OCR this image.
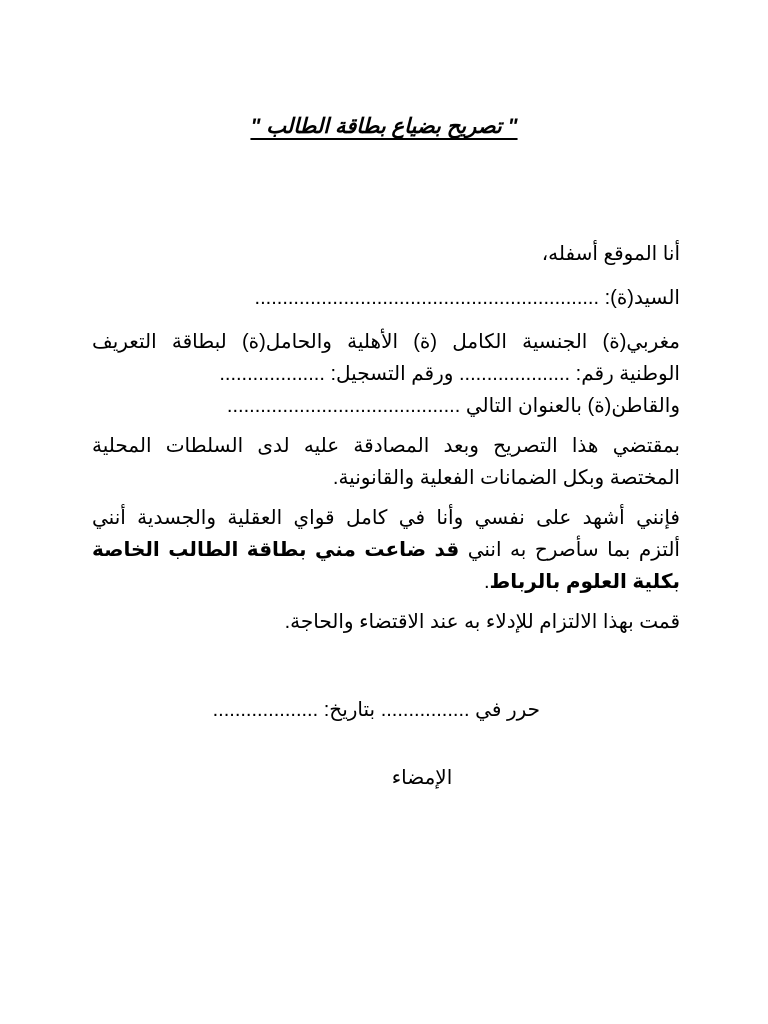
" تصريح بضياع بطاقة الطالب "
أنا الموقع أسفله،
السيد(ة): ..............................................................
مغربي(ة) الجنسية الكامل (ة) الأهلية والحامل(ة) لبطاقة التعريف
الوطنية رقم: .................... ورقم التسجيل: ...................
والقاطن(ة) بالعنوان التالي ..........................................
بمقتضي هذا التصريح وبعد المصادقة عليه لدى السلطات المحلية
المختصة وبكل الضمانات الفعلية والقانونية.
فإنني أشهد على نفسي وأنا في كامل قواي العقلية والجسدية أنني
ألتزم بما سأصرح به انني قد ضاعت مني بطاقة الطالب الخاصة
بكلية العلوم بالرباط.
قمت بهذا الالتزام للإدلاء به عند الاقتضاء والحاجة.
حرر في ................ بتاريخ: ...................
الإمضاء
